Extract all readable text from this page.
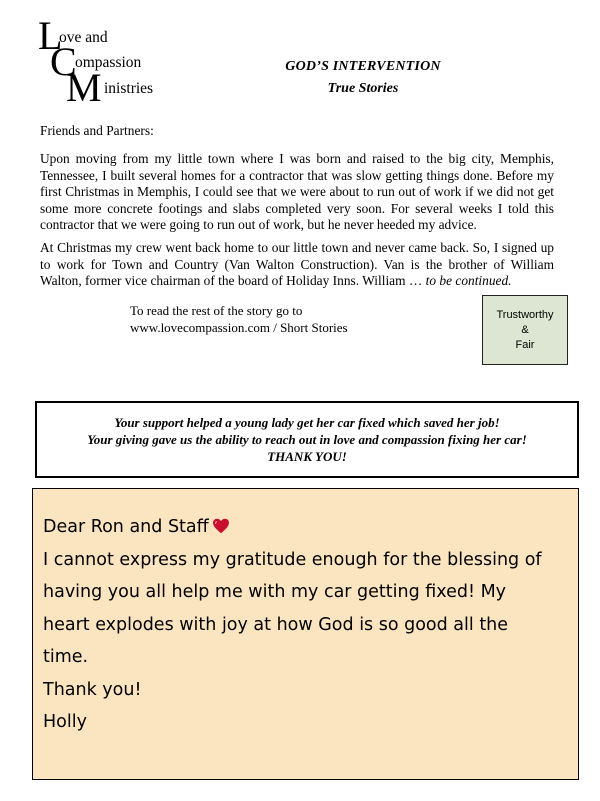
L
ove and
C
ompassion
M inistries
GOD’S INTERVENTION
True Stories
Friends and Partners:
Upon moving from my little town where I was born and raised to the big city, Memphis, Tennessee, I built several homes for a contractor that was slow getting things done. Before my first Christmas in Memphis, I could see that we were about to run out of work if we did not get some more concrete footings and slabs completed very soon. For several weeks I told this contractor that we were going to run out of work, but he never heeded my advice.
At Christmas my crew went back home to our little town and never came back. So, I signed up to work for Town and Country (Van Walton Construction). Van is the brother of William Walton, former vice chairman of the board of Holiday Inns. William … to be continued.
To read the rest of the story go to
www.lovecompassion.com / Short Stories
Trustworthy
&
Fair
Your support helped a young lady get her car fixed which saved her job!
Your giving gave us the ability to reach out in love and compassion fixing her car!
THANK YOU!
Dear Ron and Staff
I cannot express my gratitude enough for the blessing of
having you all help me with my car getting fixed! My
heart explodes with joy at how God is so good all the
time.
Thank you!
Holly
